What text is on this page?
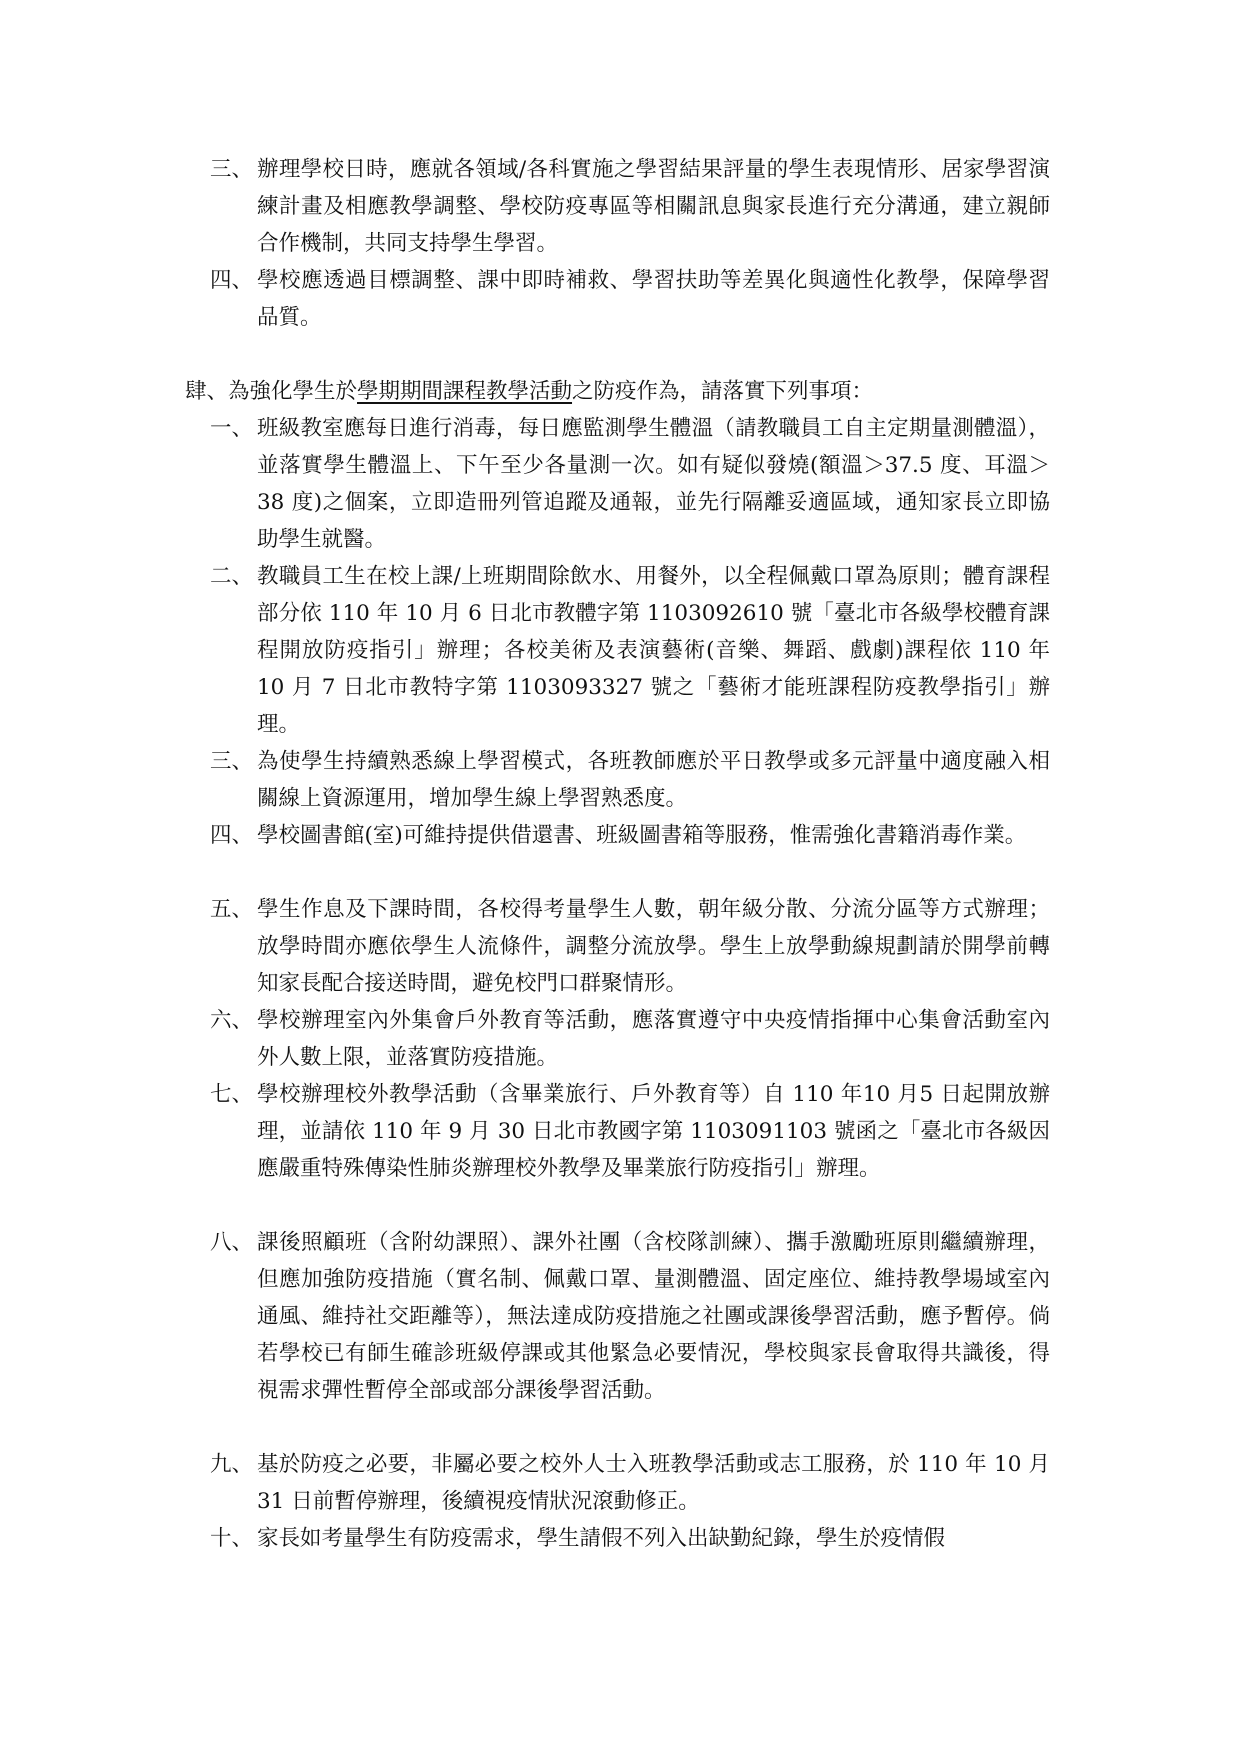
三、 辦理學校日時，應就各領域/各科實施之學習結果評量的學生表現情形、居家學習演練計畫及相應教學調整、學校防疫專區等相關訊息與家長進行充分溝通，建立親師合作機制，共同支持學生學習。
四、 學校應透過目標調整、課中即時補救、學習扶助等差異化與適性化教學，保障學習品質。
肆、為強化學生於學期期間課程教學活動之防疫作為，請落實下列事項：
一、 班級教室應每日進行消毒，每日應監測學生體溫（請教職員工自主定期量測體溫），並落實學生體溫上、下午至少各量測一次。如有疑似發燒(額溫＞37.5 度、耳溫＞38 度)之個案，立即造冊列管追蹤及通報，並先行隔離妥適區域，通知家長立即協助學生就醫。
二、 教職員工生在校上課/上班期間除飲水、用餐外，以全程佩戴口罩為原則；體育課程部分依 110 年 10 月 6 日北市教體字第 1103092610 號「臺北市各級學校體育課程開放防疫指引」辦理；各校美術及表演藝術(音樂、舞蹈、戲劇)課程依 110 年 10 月 7 日北市教特字第 1103093327 號之「藝術才能班課程防疫教學指引」辦理。
三、 為使學生持續熟悉線上學習模式，各班教師應於平日教學或多元評量中適度融入相關線上資源運用，增加學生線上學習熟悉度。
四、 學校圖書館(室)可維持提供借還書、班級圖書箱等服務，惟需強化書籍消毒作業。
五、 學生作息及下課時間，各校得考量學生人數，朝年級分散、分流分區等方式辦理；放學時間亦應依學生人流條件，調整分流放學。學生上放學動線規劃請於開學前轉知家長配合接送時間，避免校門口群聚情形。
六、 學校辦理室內外集會戶外教育等活動，應落實遵守中央疫情指揮中心集會活動室內外人數上限，並落實防疫措施。
七、 學校辦理校外教學活動（含畢業旅行、戶外教育等）自 110 年10 月5 日起開放辦理，並請依 110 年 9 月 30 日北市教國字第 1103091103 號函之「臺北市各級因應嚴重特殊傳染性肺炎辦理校外教學及畢業旅行防疫指引」辦理。
八、 課後照顧班（含附幼課照）、課外社團（含校隊訓練）、攜手激勵班原則繼續辦理，但應加強防疫措施（實名制、佩戴口罩、量測體溫、固定座位、維持教學場域室內通風、維持社交距離等），無法達成防疫措施之社團或課後學習活動，應予暫停。倘若學校已有師生確診班級停課或其他緊急必要情況，學校與家長會取得共識後，得視需求彈性暫停全部或部分課後學習活動。
九、 基於防疫之必要，非屬必要之校外人士入班教學活動或志工服務，於 110 年 10 月 31 日前暫停辦理，後續視疫情狀況滾動修正。
十、 家長如考量學生有防疫需求，學生請假不列入出缺勤紀錄，學生於疫情假
